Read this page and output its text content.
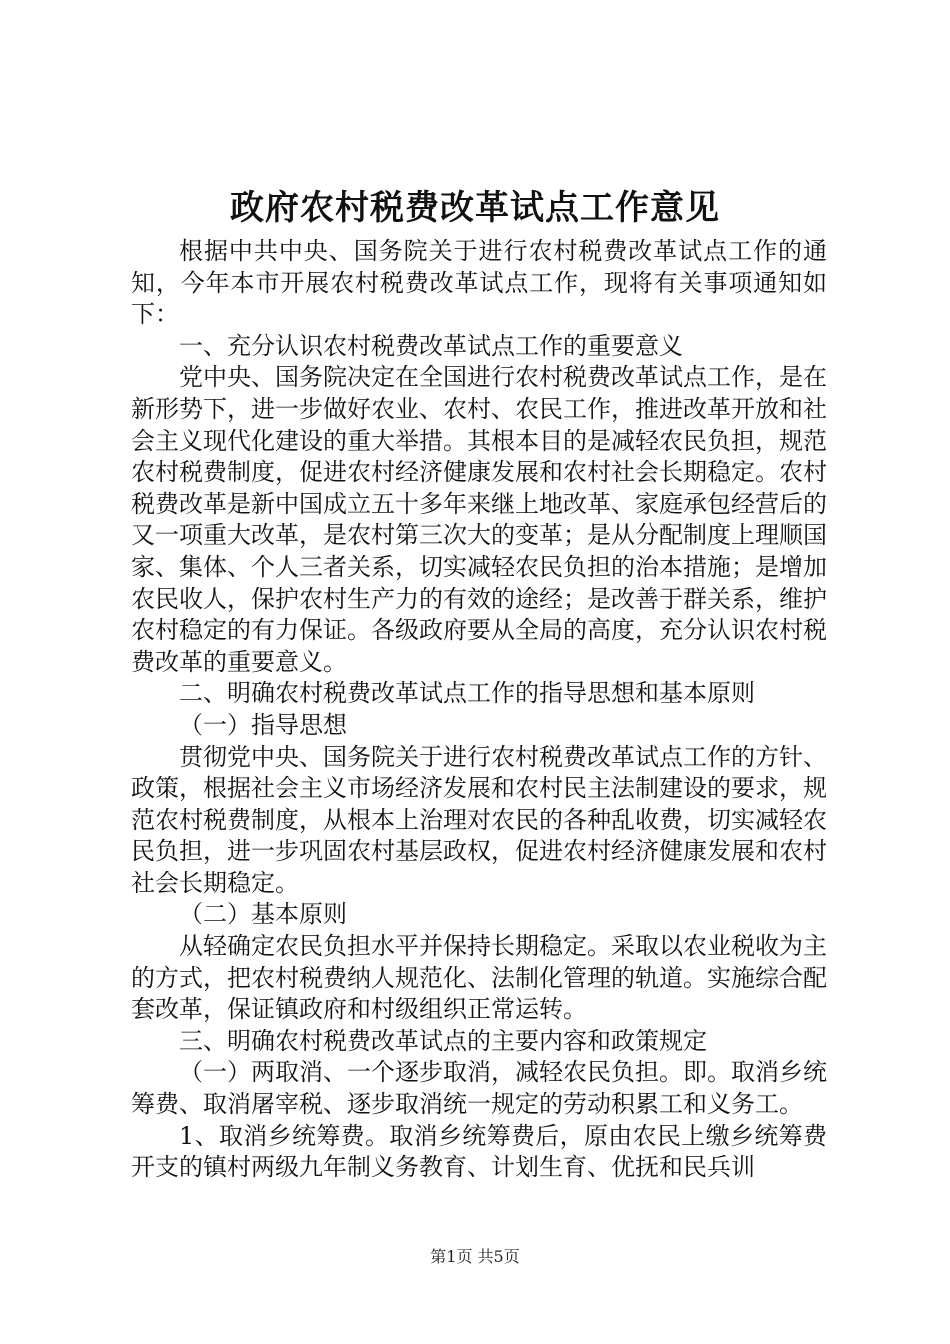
政府农村税费改革试点工作意见

根据中共中央、国务院关于进行农村税费改革试点工作的通知，今年本市开展农村税费改革试点工作，现将有关事项通知如下：

一、充分认识农村税费改革试点工作的重要意义

党中央、国务院决定在全国进行农村税费改革试点工作，是在新形势下，进一步做好农业、农村、农民工作，推进改革开放和社会主义现代化建设的重大举措。其根本目的是减轻农民负担，规范农村税费制度，促进农村经济健康发展和农村社会长期稳定。农村税费改革是新中国成立五十多年来继上地改革、家庭承包经营后的又一项重大改革，是农村第三次大的变革；是从分配制度上理顺国家、集体、个人三者关系，切实减轻农民负担的治本措施；是增加农民收人，保护农村生产力的有效的途经；是改善于群关系，维护农村稳定的有力保证。各级政府要从全局的高度，充分认识农村税费改革的重要意义。

二、明确农村税费改革试点工作的指导思想和基本原则

（一）指导思想

贯彻党中央、国务院关于进行农村税费改革试点工作的方针、政策，根据社会主义市场经济发展和农村民主法制建设的要求，规范农村税费制度，从根本上治理对农民的各种乱收费，切实减轻农民负担，进一步巩固农村基层政权，促进农村经济健康发展和农村社会长期稳定。

（二）基本原则

从轻确定农民负担水平并保持长期稳定。采取以农业税收为主的方式，把农村税费纳人规范化、法制化管理的轨道。实施综合配套改革，保证镇政府和村级组织正常运转。

三、明确农村税费改革试点的主要内容和政策规定

（一）两取消、一个逐步取消，减轻农民负担。即。取消乡统筹费、取消屠宰税、逐步取消统一规定的劳动积累工和义务工。

1、取消乡统筹费。取消乡统筹费后，原由农民上缴乡统筹费开支的镇村两级九年制义务教育、计划生育、优抚和民兵训

第1页 共5页
